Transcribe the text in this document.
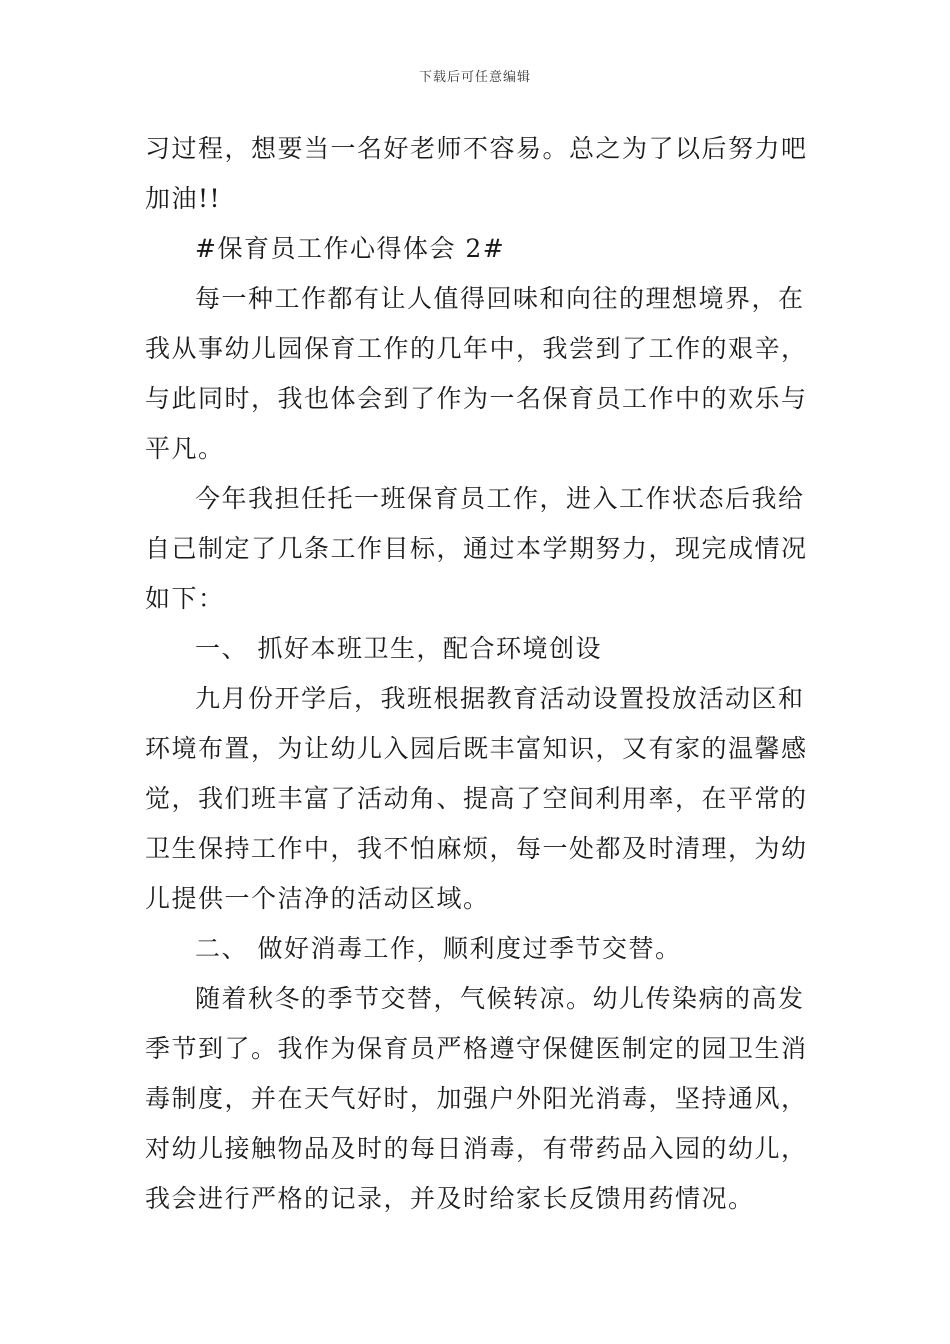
下载后可任意编辑
习过程，想要当一名好老师不容易。总之为了以后努力吧
加油!!
#保育员工作心得体会 2#
每一种工作都有让人值得回味和向往的理想境界，在
我从事幼儿园保育工作的几年中，我尝到了工作的艰辛，
与此同时，我也体会到了作为一名保育员工作中的欢乐与
平凡。
今年我担任托一班保育员工作，进入工作状态后我给
自己制定了几条工作目标，通过本学期努力，现完成情况
如下：
一、 抓好本班卫生，配合环境创设
九月份开学后，我班根据教育活动设置投放活动区和
环境布置，为让幼儿入园后既丰富知识，又有家的温馨感
觉，我们班丰富了活动角、提高了空间利用率，在平常的
卫生保持工作中，我不怕麻烦，每一处都及时清理，为幼
儿提供一个洁净的活动区域。
二、 做好消毒工作，顺利度过季节交替。
随着秋冬的季节交替，气候转凉。幼儿传染病的高发
季节到了。我作为保育员严格遵守保健医制定的园卫生消
毒制度，并在天气好时，加强户外阳光消毒，坚持通风，
对幼儿接触物品及时的每日消毒，有带药品入园的幼儿，
我会进行严格的记录，并及时给家长反馈用药情况。
